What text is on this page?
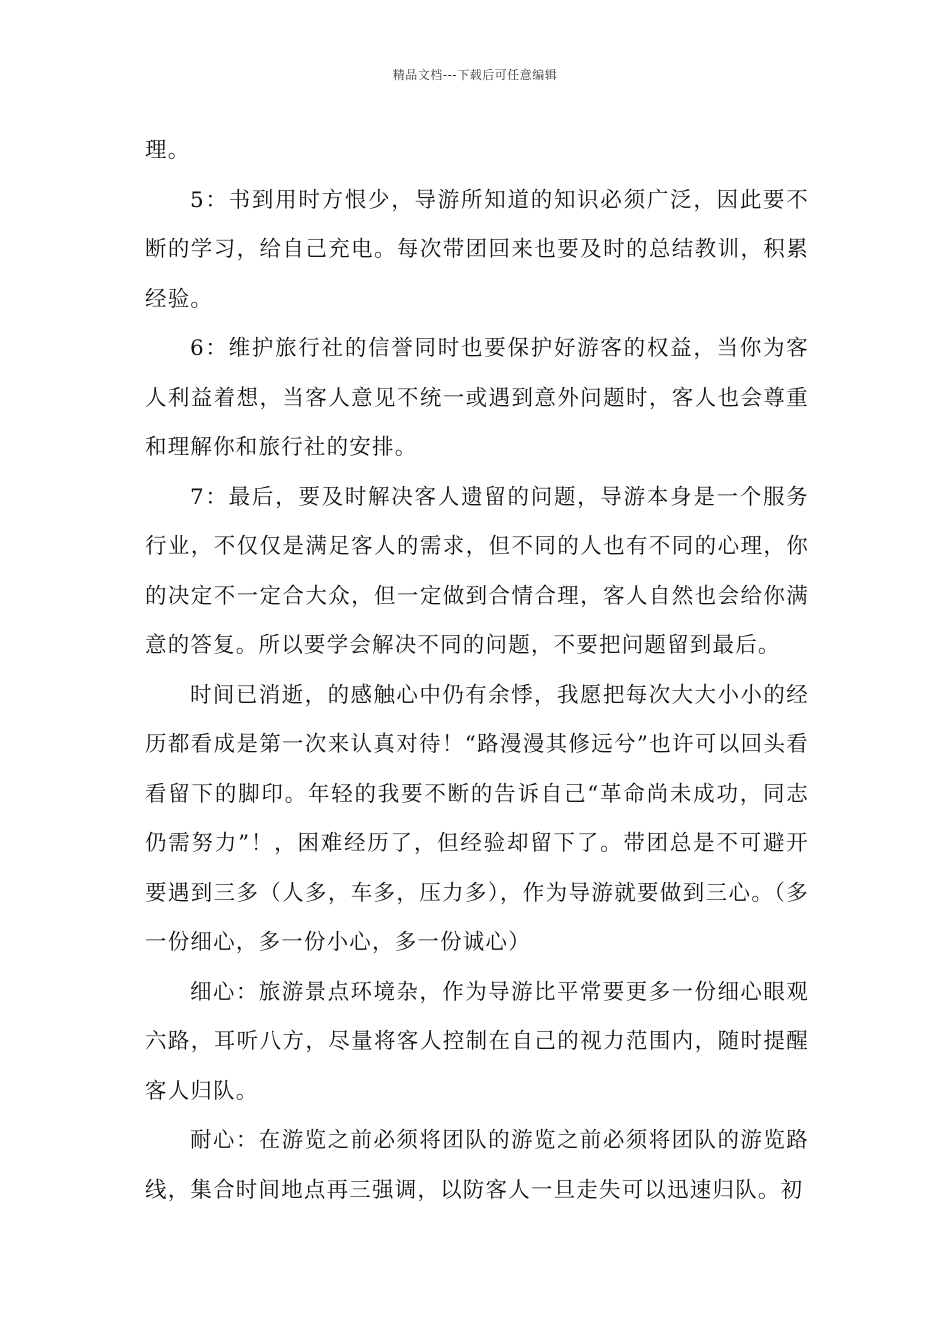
精品文档---下载后可任意编辑

理。

5：书到用时方恨少，导游所知道的知识必须广泛，因此要不断的学习，给自己充电。每次带团回来也要及时的总结教训，积累经验。

6：维护旅行社的信誉同时也要保护好游客的权益，当你为客人利益着想，当客人意见不统一或遇到意外问题时，客人也会尊重和理解你和旅行社的安排。

7：最后，要及时解决客人遗留的问题，导游本身是一个服务行业，不仅仅是满足客人的需求，但不同的人也有不同的心理，你的决定不一定合大众，但一定做到合情合理，客人自然也会给你满意的答复。所以要学会解决不同的问题，不要把问题留到最后。

时间已消逝，的感触心中仍有余悸，我愿把每次大大小小的经历都看成是第一次来认真对待！“路漫漫其修远兮”也许可以回头看看留下的脚印。年轻的我要不断的告诉自己“革命尚未成功，同志仍需努力”！，困难经历了，但经验却留下了。带团总是不可避开要遇到三多（人多，车多，压力多），作为导游就要做到三心。（多一份细心，多一份小心，多一份诚心）

细心：旅游景点环境杂，作为导游比平常要更多一份细心眼观六路，耳听八方，尽量将客人控制在自己的视力范围内，随时提醒客人归队。

耐心：在游览之前必须将团队的游览之前必须将团队的游览路线，集合时间地点再三强调，以防客人一旦走失可以迅速归队。初
